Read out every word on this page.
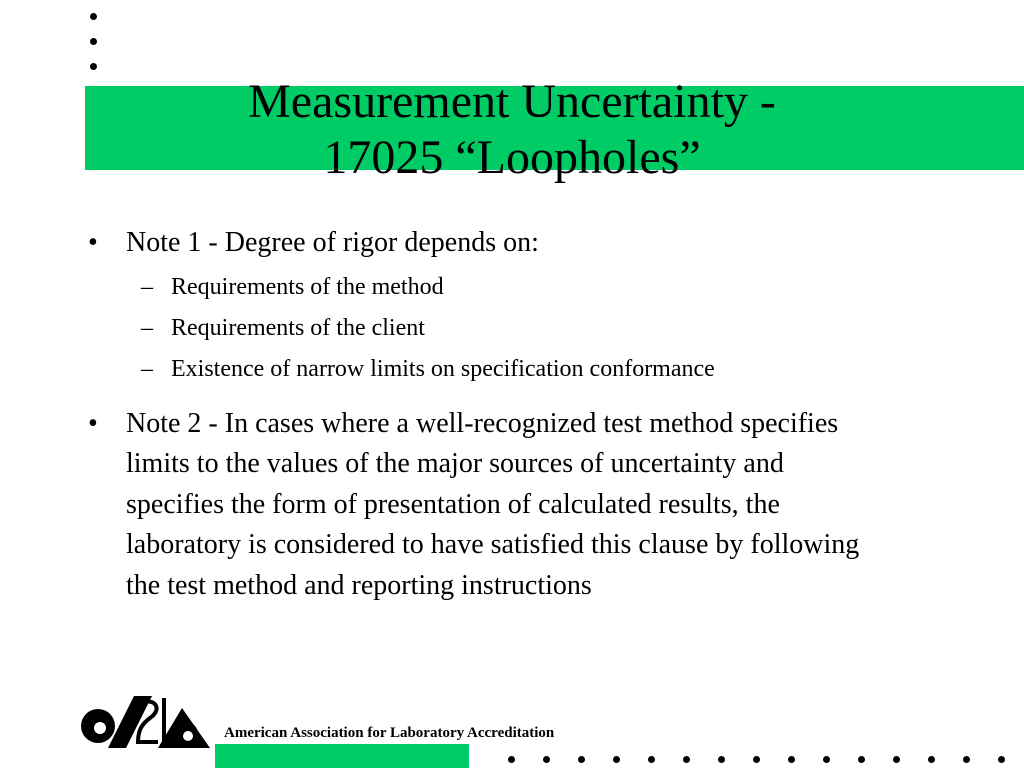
Measurement Uncertainty -
17025 “Loopholes”
• Note 1 - Degree of rigor depends on:
– Requirements of the method
– Requirements of the client
– Existence of narrow limits on specification conformance
• Note 2 - In cases where a well-recognized test method specifies limits to the values of the major sources of uncertainty and specifies the form of presentation of calculated results, the laboratory is considered to have satisfied this clause by following the test method and reporting instructions
American Association for Laboratory Accreditation
